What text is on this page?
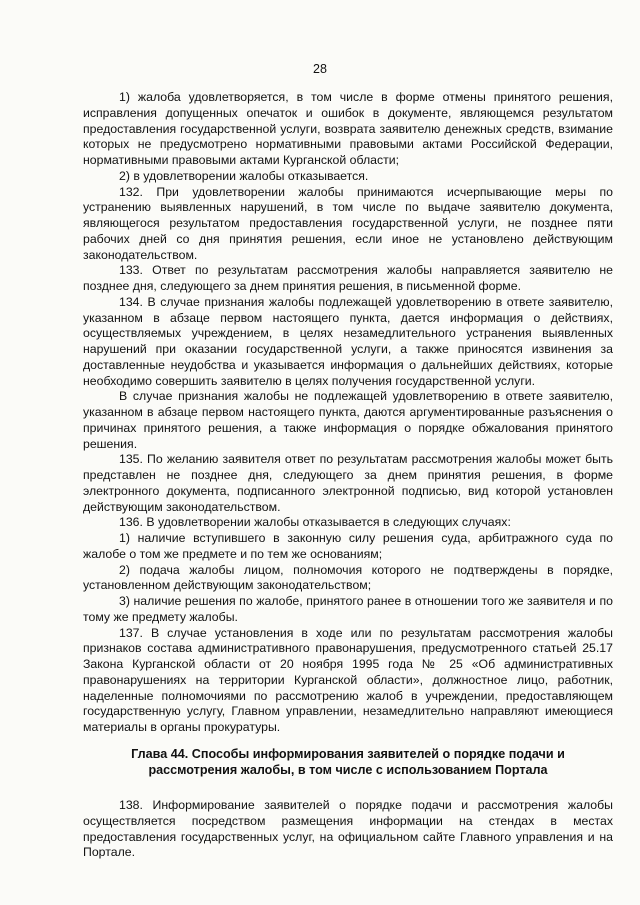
28

1) жалоба удовлетворяется, в том числе в форме отмены принятого решения, исправления допущенных опечаток и ошибок в документе, являющемся результатом предоставления государственной услуги, возврата заявителю денежных средств, взимание которых не предусмотрено нормативными правовыми актами Российской Федерации, нормативными правовыми актами Курганской области;

2) в удовлетворении жалобы отказывается.

132. При удовлетворении жалобы принимаются исчерпывающие меры по устранению выявленных нарушений, в том числе по выдаче заявителю документа, являющегося результатом предоставления государственной услуги, не позднее пяти рабочих дней со дня принятия решения, если иное не установлено действующим законодательством.

133. Ответ по результатам рассмотрения жалобы направляется заявителю не позднее дня, следующего за днем принятия решения, в письменной форме.

134. В случае признания жалобы подлежащей удовлетворению в ответе заявителю, указанном в абзаце первом настоящего пункта, дается информация о действиях, осуществляемых учреждением, в целях незамедлительного устранения выявленных нарушений при оказании государственной услуги, а также приносятся извинения за доставленные неудобства и указывается информация о дальнейших действиях, которые необходимо совершить заявителю в целях получения государственной услуги.

В случае признания жалобы не подлежащей удовлетворению в ответе заявителю, указанном в абзаце первом настоящего пункта, даются аргументированные разъяснения о причинах принятого решения, а также информация о порядке обжалования принятого решения.

135. По желанию заявителя ответ по результатам рассмотрения жалобы может быть представлен не позднее дня, следующего за днем принятия решения, в форме электронного документа, подписанного электронной подписью, вид которой установлен действующим законодательством.

136. В удовлетворении жалобы отказывается в следующих случаях:

1) наличие вступившего в законную силу решения суда, арбитражного суда по жалобе о том же предмете и по тем же основаниям;

2) подача жалобы лицом, полномочия которого не подтверждены в порядке, установленном действующим законодательством;

3) наличие решения по жалобе, принятого ранее в отношении того же заявителя и по тому же предмету жалобы.

137. В случае установления в ходе или по результатам рассмотрения жалобы признаков состава административного правонарушения, предусмотренного статьей 25.17 Закона Курганской области от 20 ноября 1995 года № 25 «Об административных правонарушениях на территории Курганской области», должностное лицо, работник, наделенные полномочиями по рассмотрению жалоб в учреждении, предоставляющем государственную услугу, Главном управлении, незамедлительно направляют имеющиеся материалы в органы прокуратуры.

Глава 44. Способы информирования заявителей о порядке подачи и
рассмотрения жалобы, в том числе с использованием Портала

138. Информирование заявителей о порядке подачи и рассмотрения жалобы осуществляется посредством размещения информации на стендах в местах предоставления государственных услуг, на официальном сайте Главного управления и на Портале.
